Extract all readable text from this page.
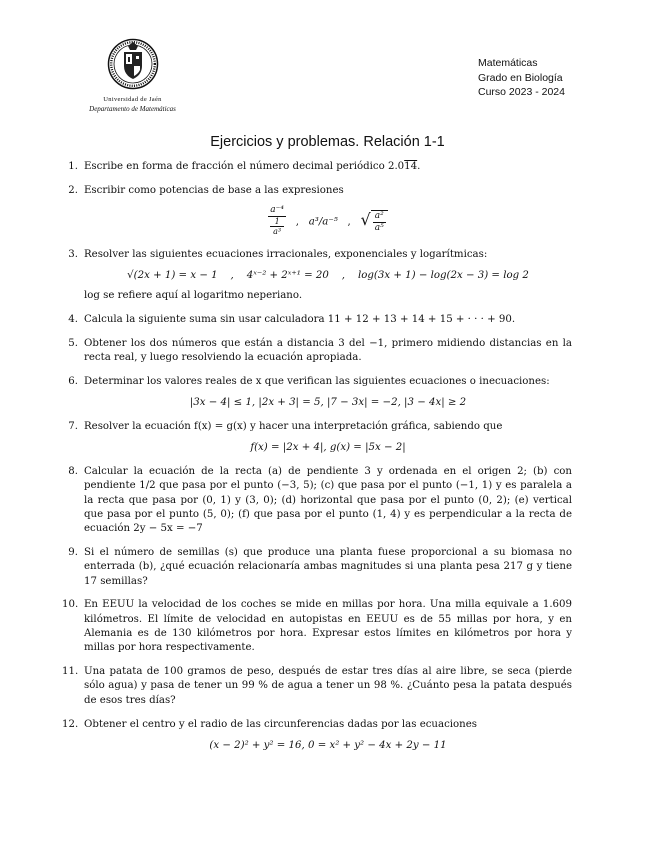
Universidad de Jaén
Departamento de Matemáticas
Matemáticas
Grado en Biología
Curso 2023 - 2024
Ejercicios y problemas. Relación 1-1
1. Escribe en forma de fracción el número decimal periódico 2.014.
2. Escribir como potencias de base a las expresiones
a⁻⁴
1
a³ , a³/a⁻⁵ , √ $\frac{\text{a²}}{\text{a⁵}}$
3. Resolver las siguientes ecuaciones irracionales, exponenciales y logarítmicas:
√(2x + 1) = x − 1    ,    4ˣ⁻² + 2ˣ⁺¹ = 20    ,    log(3x + 1) − log(2x − 3) = log 2
log se refiere aquí al logaritmo neperiano.
4. Calcula la siguiente suma sin usar calculadora 11 + 12 + 13 + 14 + 15 + · · · + 90.
5. Obtener los dos números que están a distancia 3 del −1, primero midiendo distancias en la recta real, y luego resolviendo la ecuación apropiada.
6. Determinar los valores reales de x que verifican las siguientes ecuaciones o inecuaciones:
|3x − 4| ≤ 1, |2x + 3| = 5, |7 − 3x| = −2, |3 − 4x| ≥ 2
7. Resolver la ecuación f(x) = g(x) y hacer una interpretación gráfica, sabiendo que
f(x) = |2x + 4|, g(x) = |5x − 2|
8. Calcular la ecuación de la recta (a) de pendiente 3 y ordenada en el origen 2; (b) con pendiente 1/2 que pasa por el punto (−3, 5); (c) que pasa por el punto (−1, 1) y es paralela a la recta que pasa por (0, 1) y (3, 0); (d) horizontal que pasa por el punto (0, 2); (e) vertical que pasa por el punto (5, 0); (f) que pasa por el punto (1, 4) y es perpendicular a la recta de ecuación 2y − 5x = −7
9. Si el número de semillas (s) que produce una planta fuese proporcional a su biomasa no enterrada (b), ¿qué ecuación relacionaría ambas magnitudes si una planta pesa 217 g y tiene 17 semillas?
10. En EEUU la velocidad de los coches se mide en millas por hora. Una milla equivale a 1.609 kilómetros. El límite de velocidad en autopistas en EEUU es de 55 millas por hora, y en Alemania es de 130 kilómetros por hora. Expresar estos límites en kilómetros por hora y millas por hora respectivamente.
11. Una patata de 100 gramos de peso, después de estar tres días al aire libre, se seca (pierde sólo agua) y pasa de tener un 99 % de agua a tener un 98 %. ¿Cuánto pesa la patata después de esos tres días?
12. Obtener el centro y el radio de las circunferencias dadas por las ecuaciones
(x − 2)² + y² = 16, 0 = x² + y² − 4x + 2y − 11
